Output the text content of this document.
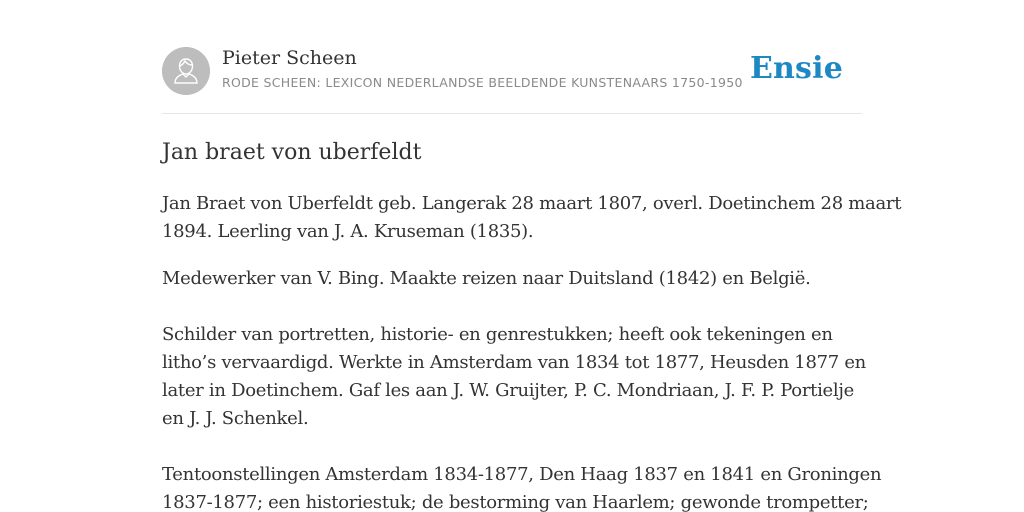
Pieter Scheen
RODE SCHEEN: LEXICON NEDERLANDSE BEELDENDE KUNSTENAARS 1750-1950 Ensie
Jan braet von uberfeldt

Jan Braet von Uberfeldt geb. Langerak 28 maart 1807, overl. Doetinchem 28 maart
1894. Leerling van J. A. Kruseman (1835).

Medewerker van V. Bing. Maakte reizen naar Duitsland (1842) en België.

Schilder van portretten, historie- en genrestukken; heeft ook tekeningen en
litho’s vervaardigd. Werkte in Amsterdam van 1834 tot 1877, Heusden 1877 en
later in Doetinchem. Gaf les aan J. W. Gruijter, P. C. Mondriaan, J. F. P. Portielje
en J. J. Schenkel.

Tentoonstellingen Amsterdam 1834-1877, Den Haag 1837 en 1841 en Groningen
1837-1877; een historiestuk; de bestorming van Haarlem; gewonde trompetter;
